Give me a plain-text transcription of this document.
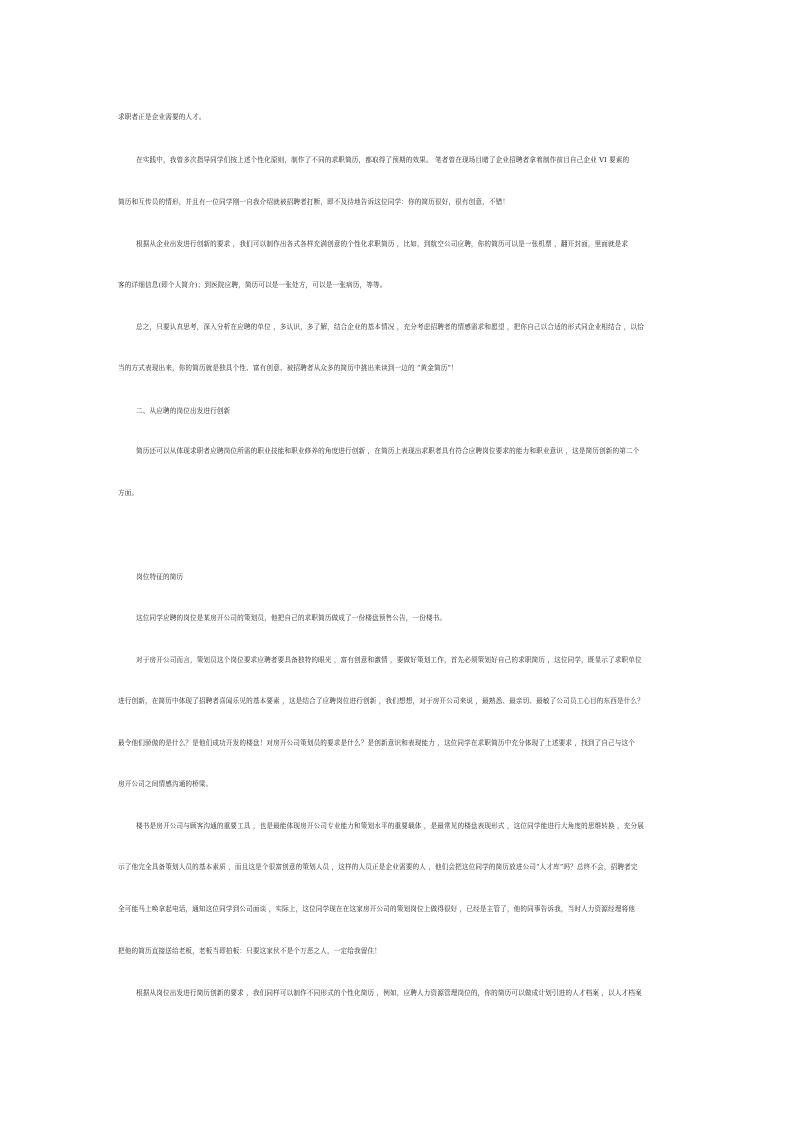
求职者正是企业需要的人才。
在实践中，我曾多次指导同学们按上述个性化原则，制作了不同的求职简历，都取得了预期的效果。 笔者曾在现场目睹了企业招聘者拿着制作前目自己企业 VI 要素的
简历和互传员的情形，并且有一位同学刚一自我介绍就被招聘者打断，即不及待地告诉这位同学：你的简历很好，很有创意，不错！
根据从企业出发进行创新的要求 ，我们可以制作出各式各样充满创意的个性化求职简历 ，比如，到航空公司应聘，你的简历可以是一张机票 ，翻开封面，里面就是求
客的详细信息(即个人简介)；到医院应聘，简历可以是一张处方，可以是一张病历，等等。
总之，只要认真思考，深入分析在应聘的单位 ，多认识，多了解，结合企业的基本情况 ，充分考虑招聘者的情感需求和愿望 ，把你自己以合适的形式同企业相结合 ，以恰
当的方式表现出来，你的简历就是独具个性、富有创意、被招聘者从众多的简历中挑出来读到一边的 “黄金简历”！
二、从应聘的岗位出发进行创新
简历还可以从体现求职者应聘岗位所需的职业技能和职业修养的角度进行创新 ，在简历上表现出求职者具有符合应聘岗位要求的能力和职业意识 ，这是简历创新的第二个
方面。
岗位特征的简历
这位同学应聘的岗位是某房开公司的策划员，他把自己的求职简历做成了一份楼盘预售公告，一份楼书。
对于房开公司而言，策划员这个岗位要求应聘者要具备独特的眼光 ，富有创意和激情 ，要做好策划工作，首先必须策划好自己的求职简历 ，这位同学，既显示了求职单位
进行创新，在简历中体现了招聘者喜闻乐见的基本要素 ，这是结合了应聘岗位进行创新 ，我们想想，对于房开公司来说 ，最熟悉、最亲切、最敏了公司员工心目的东西是什么？
最令他们骄傲的是什么？是他们成功开发的楼盘！对房开公司策划员的要求是什么？是创新意识和表现能力 ，这位同学在求职简历中充分体现了上述要求 ，找到了自己与这个
房开公司之间情感沟通的桥梁。
楼书是房开公司与顾客沟通的重要工具 ，也是最能体现房开公司专业能力和策划水平的重要载体 ，是最常见的楼盘表现形式 ，这位同学能进行大角度的思维转换 ，充分展
示了他完全具备策划人员的基本素质 ，而且这是个很富创意的策划人员 ，这样的人员正是企业需要的人 ，他们会把这位同学的简历放进公司“人才库”吗？总终不会，招聘者完
全可能马上唤拿起电话，通知这位同学到公司面谈 ，实际上，这位同学现在在这家房开公司的策划岗位上做得很好 ，已经是主管了，他的同事告诉我，当时人力资源经理将他
把他的简历直接送给老板，老板当即拍板：只要这家伙不是个万恶之人，一定给我留住！
根据从岗位出发进行简历创新的要求 ，我们同样可以制作不同形式的个性化简历 ，例如，应聘人力资源管理岗位的，你的简历可以做成计划引进的人才档案 ，以人才档案
